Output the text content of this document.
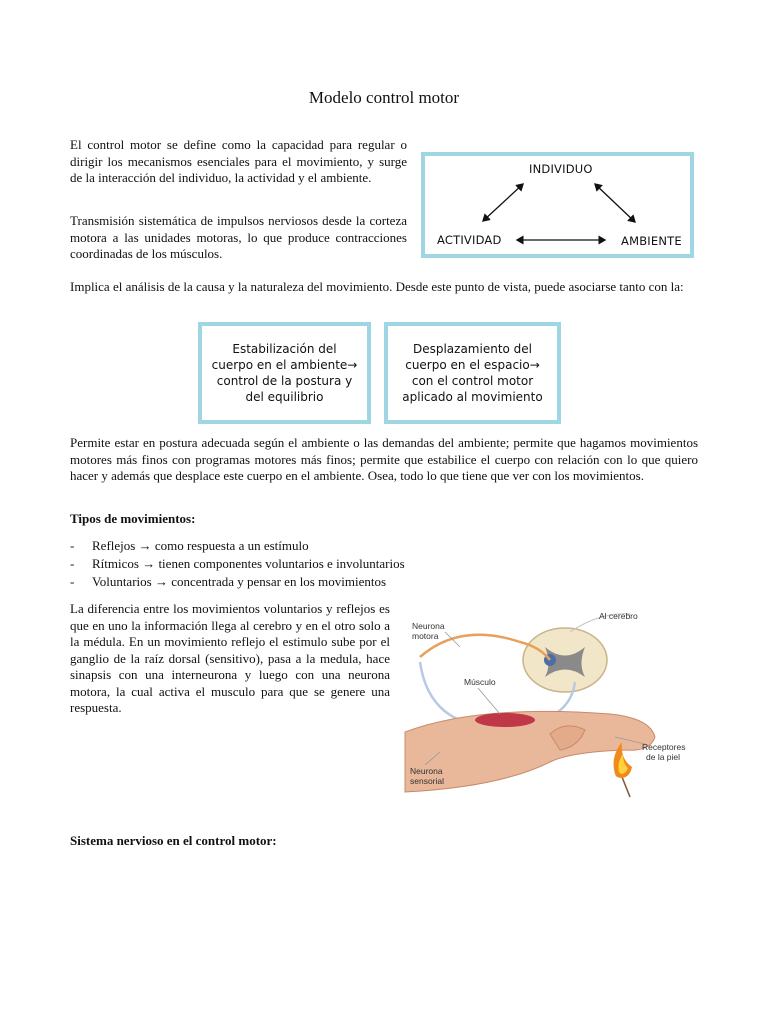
Modelo control motor

El control motor se define como la capacidad para regular o dirigir los mecanismos esenciales para el movimiento, y surge de la interacción del individuo, la actividad y el ambiente.

Transmisión sistemática de impulsos nerviosos desde la corteza motora a las unidades motoras, lo que produce contracciones coordinadas de los músculos.

INDIVIDUO
ACTIVIDAD	AMBIENTE

Implica el análisis de la causa y la naturaleza del movimiento. Desde este punto de vista, puede asociarse tanto con la:

Estabilización del cuerpo en el ambiente→ control de la postura y del equilibrio
Desplazamiento del cuerpo en el espacio→ con el control motor aplicado al movimiento

Permite estar en postura adecuada según el ambiente o las demandas del ambiente; permite que hagamos movimientos motores más finos con programas motores más finos; permite que estabilice el cuerpo con relación con lo que quiero hacer y además que desplace este cuerpo en el ambiente. Osea, todo lo que tiene que ver con los movimientos.

Tipos de movimientos:
- Reflejos → como respuesta a un estímulo
- Rítmicos → tienen componentes voluntarios e involuntarios
- Voluntarios → concentrada y pensar en los movimientos

La diferencia entre los movimientos voluntarios y reflejos es que en uno la información llega al cerebro y en el otro solo a la médula. En un movimiento reflejo el estimulo sube por el ganglio de la raíz dorsal (sensitivo), pasa a la medula, hace sinapsis con una interneurona y luego con una neurona motora, la cual activa el musculo para que se genere una respuesta.

Al cerebro
Neurona
motora
Músculo
Receptores
de la piel
Neurona
sensorial
Sistema nervioso en el control motor:
